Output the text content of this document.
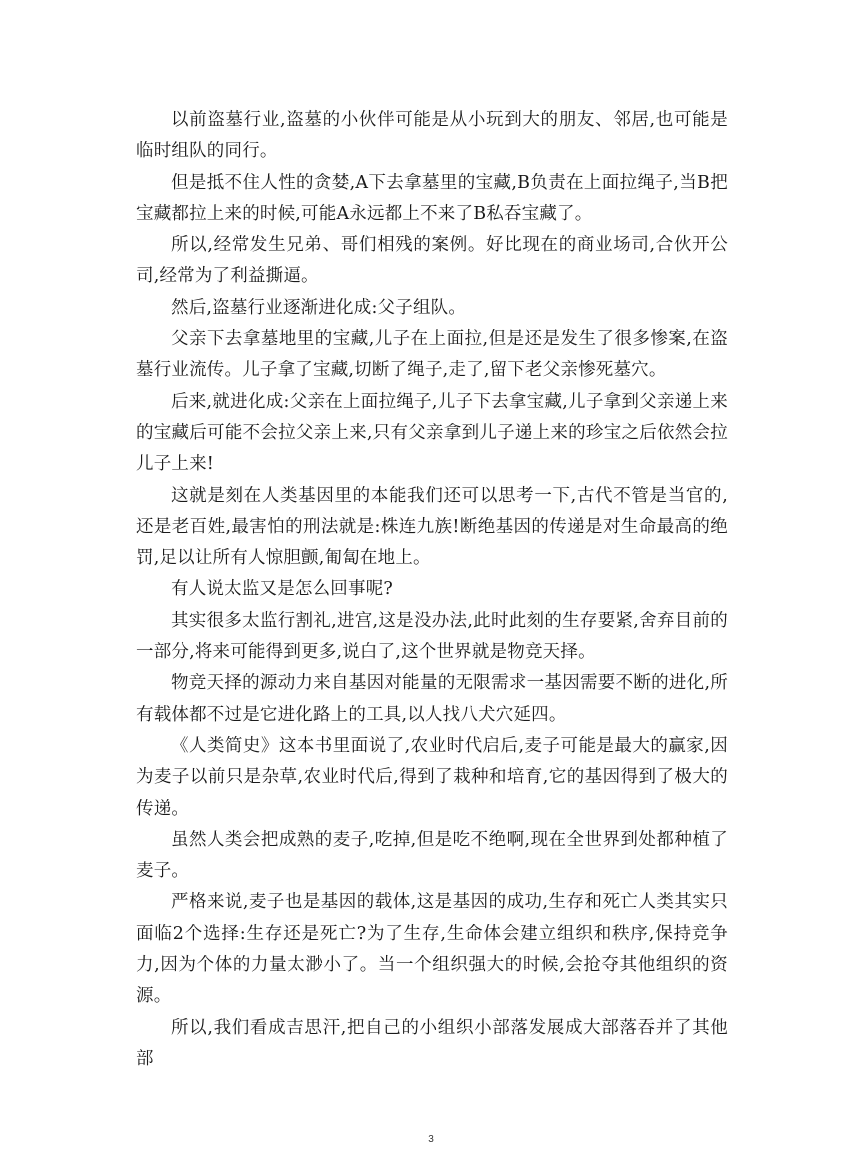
以前盗墓行业,盗墓的小伙伴可能是从小玩到大的朋友、邻居,也可能是临时组队的同行。

但是抵不住人性的贪婪,A下去拿墓里的宝藏,B负责在上面拉绳子,当B把宝藏都拉上来的时候,可能A永远都上不来了B私吞宝藏了。

所以,经常发生兄弟、哥们相残的案例。好比现在的商业场司,合伙开公司,经常为了利益撕逼。

然后,盗墓行业逐渐进化成:父子组队。

父亲下去拿墓地里的宝藏,儿子在上面拉,但是还是发生了很多惨案,在盗墓行业流传。儿子拿了宝藏,切断了绳子,走了,留下老父亲惨死墓穴。

后来,就进化成:父亲在上面拉绳子,儿子下去拿宝藏,儿子拿到父亲递上来的宝藏后可能不会拉父亲上来,只有父亲拿到儿子递上来的珍宝之后依然会拉儿子上来!

这就是刻在人类基因里的本能我们还可以思考一下,古代不管是当官的,还是老百姓,最害怕的刑法就是:株连九族!断绝基因的传递是对生命最高的绝罚,足以让所有人惊胆颤,匍匐在地上。

有人说太监又是怎么回事呢?

其实很多太监行割礼,进宫,这是没办法,此时此刻的生存要紧,舍弃目前的一部分,将来可能得到更多,说白了,这个世界就是物竞天择。

物竞天择的源动力来自基因对能量的无限需求一基因需要不断的进化,所有载体都不过是它进化路上的工具,以人找八犬穴延四。

《人类简史》这本书里面说了,农业时代启后,麦子可能是最大的赢家,因为麦子以前只是杂草,农业时代后,得到了栽种和培育,它的基因得到了极大的传递。

虽然人类会把成熟的麦子,吃掉,但是吃不绝啊,现在全世界到处都种植了麦子。

严格来说,麦子也是基因的载体,这是基因的成功,生存和死亡人类其实只面临2个选择:生存还是死亡?为了生存,生命体会建立组织和秩序,保持竞争力,因为个体的力量太渺小了。当一个组织强大的时候,会抢夺其他组织的资源。

所以,我们看成吉思汗,把自己的小组织小部落发展成大部落吞并了其他部

3
